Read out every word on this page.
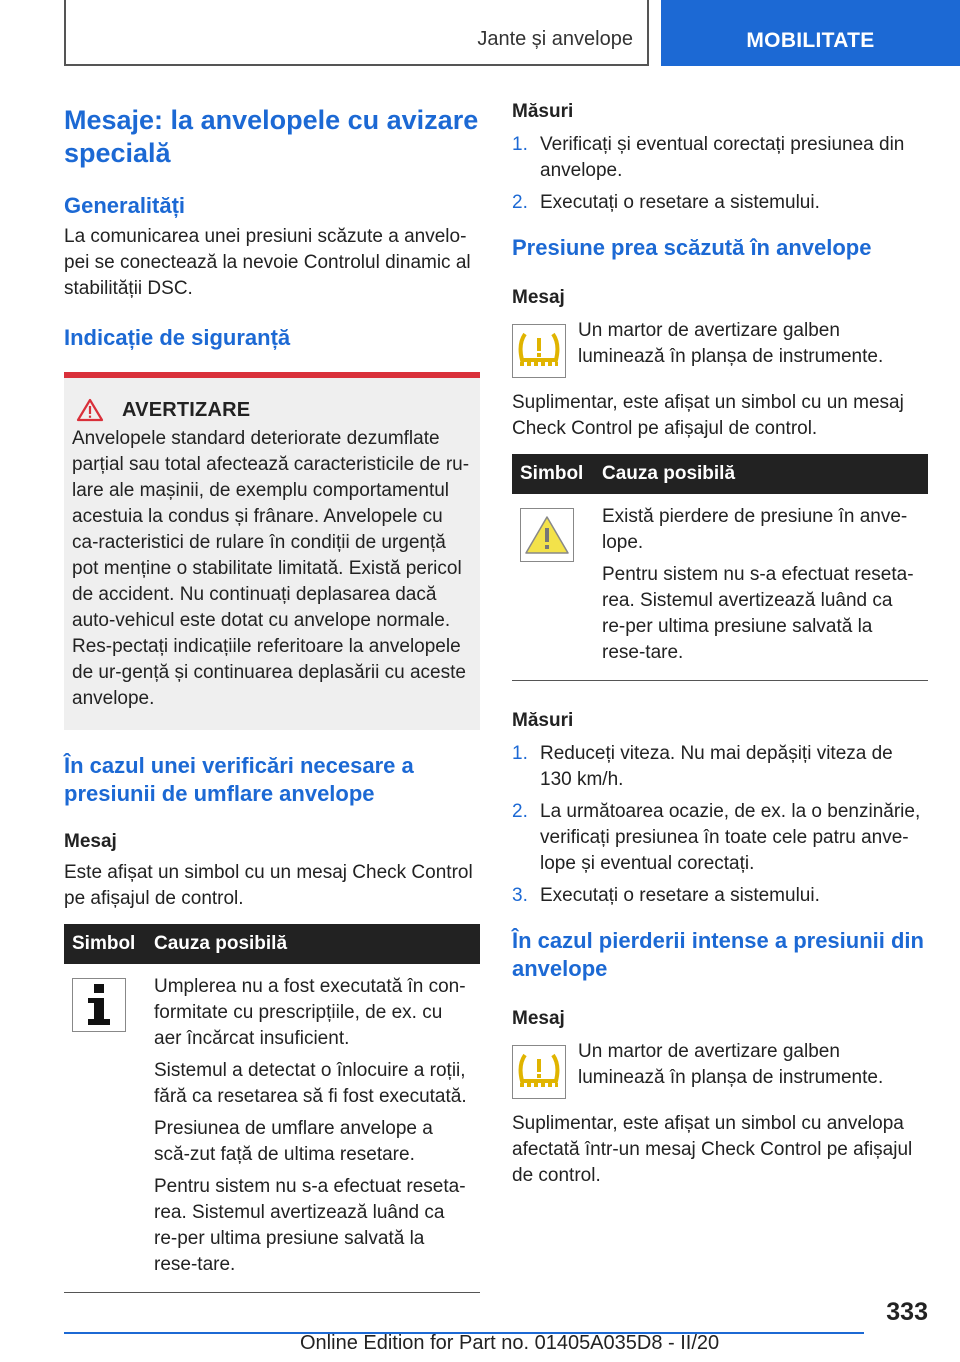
Jante și anvelope	MOBILITATE
Mesaje: la anvelopele cu avizare specială
Generalități
La comunicarea unei presiuni scăzute a anvelo-pei se conectează la nevoie Controlul dinamic al stabilității DSC.
Indicație de siguranță
AVERTIZARE
Anvelopele standard deteriorate dezumflate parțial sau total afectează caracteristicile de ru-lare ale mașinii, de exemplu comportamentul acestuia la condus și frânare. Anvelopele cu ca-racteristici de rulare în condiții de urgență pot menține o stabilitate limitată. Există pericol de accident. Nu continuați deplasarea dacă auto-vehicul este dotat cu anvelope normale. Res-pectați indicațiile referitoare la anvelopele de ur-gență și continuarea deplasării cu aceste anvelope.
În cazul unei verificări necesare a presiunii de umflare anvelope
Mesaj
Este afișat un simbol cu un mesaj Check Control pe afișajul de control.
Simbol	Cauza posibilă

Umplerea nu a fost executată în con-formitate cu prescripțiile, de ex. cu aer încărcat insuficient.
Sistemul a detectat o înlocuire a roții, fără ca resetarea să fi fost executată.
Presiunea de umflare anvelope a scă-zut față de ultima resetare.
Pentru sistem nu s-a efectuat reseta-rea. Sistemul avertizează luând ca re-per ultima presiune salvată la rese-tare.
Măsuri
1. Verificați și eventual corectați presiunea din anvelope.
2. Executați o resetare a sistemului.
Presiune prea scăzută în anvelope
Mesaj
Un martor de avertizare galben luminează în planșa de instrumente.
Suplimentar, este afișat un simbol cu un mesaj Check Control pe afișajul de control.
Simbol	Cauza posibilă

Există pierdere de presiune în anve-lope.
Pentru sistem nu s-a efectuat reseta-rea. Sistemul avertizează luând ca re-per ultima presiune salvată la rese-tare.
Măsuri
1. Reduceți viteza. Nu mai depășiți viteza de 130 km/h.
2. La următoarea ocazie, de ex. la o benzinărie, verificați presiunea în toate cele patru anve-lope și eventual corectați.
3. Executați o resetare a sistemului.
În cazul pierderii intense a presiunii din anvelope
Mesaj
Un martor de avertizare galben luminează în planșa de instrumente.
Suplimentar, este afișat un simbol cu anvelopa afectată într-un mesaj Check Control pe afișajul de control.
333
Online Edition for Part no. 01405A035D8 - II/20
